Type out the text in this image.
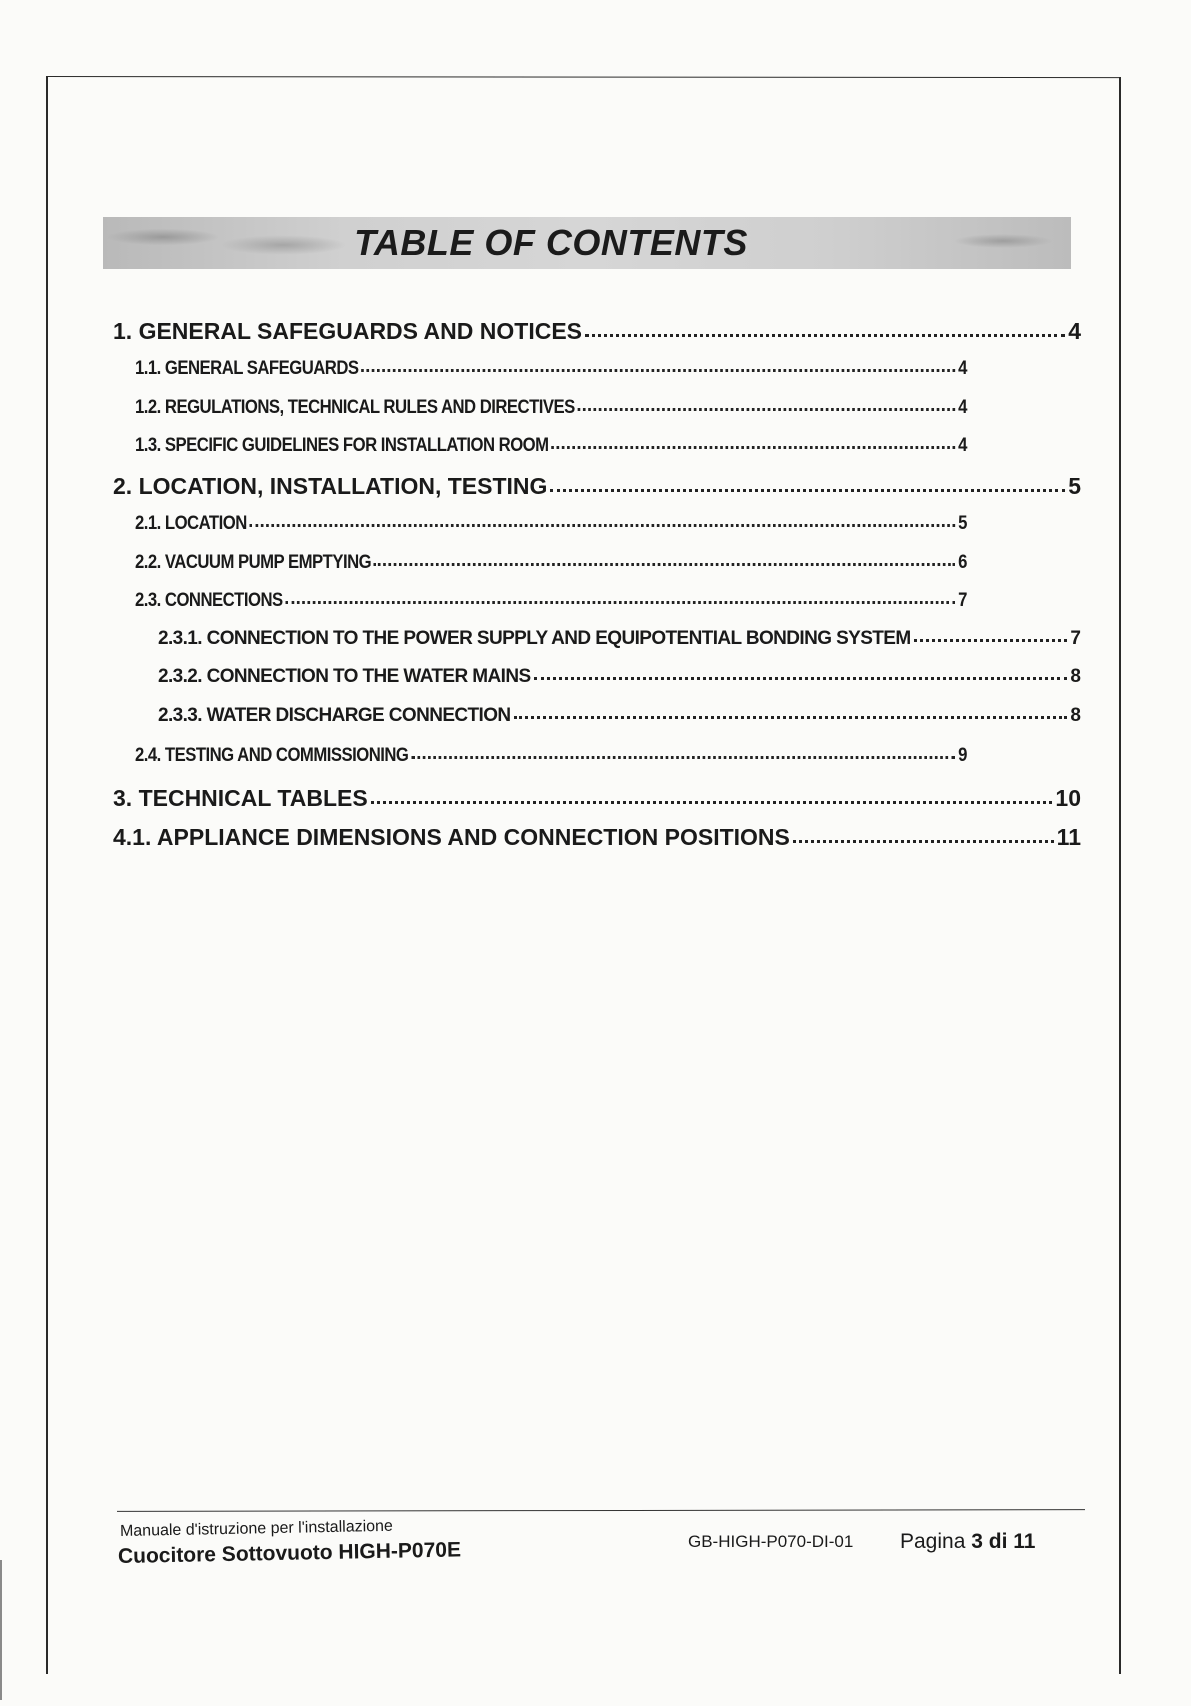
TABLE OF CONTENTS
1. GENERAL SAFEGUARDS AND NOTICES	4
1.1. GENERAL SAFEGUARDS	4
1.2. REGULATIONS, TECHNICAL RULES AND DIRECTIVES	4
1.3. SPECIFIC GUIDELINES FOR INSTALLATION ROOM	4
2. LOCATION, INSTALLATION, TESTING	5
2.1. LOCATION	5
2.2. VACUUM PUMP EMPTYING	6
2.3. CONNECTIONS	7
2.3.1. CONNECTION TO THE POWER SUPPLY AND EQUIPOTENTIAL BONDING SYSTEM	7
2.3.2. CONNECTION TO THE WATER MAINS	8
2.3.3. WATER DISCHARGE CONNECTION	8
2.4. TESTING AND COMMISSIONING	9
3. TECHNICAL TABLES	10
4.1. APPLIANCE DIMENSIONS AND CONNECTION POSITIONS	11
Manuale d'istruzione per l'installazione
Cuocitore Sottovuoto HIGH-P070E	GB-HIGH-P070-DI-01 Pagina 3 di 11
